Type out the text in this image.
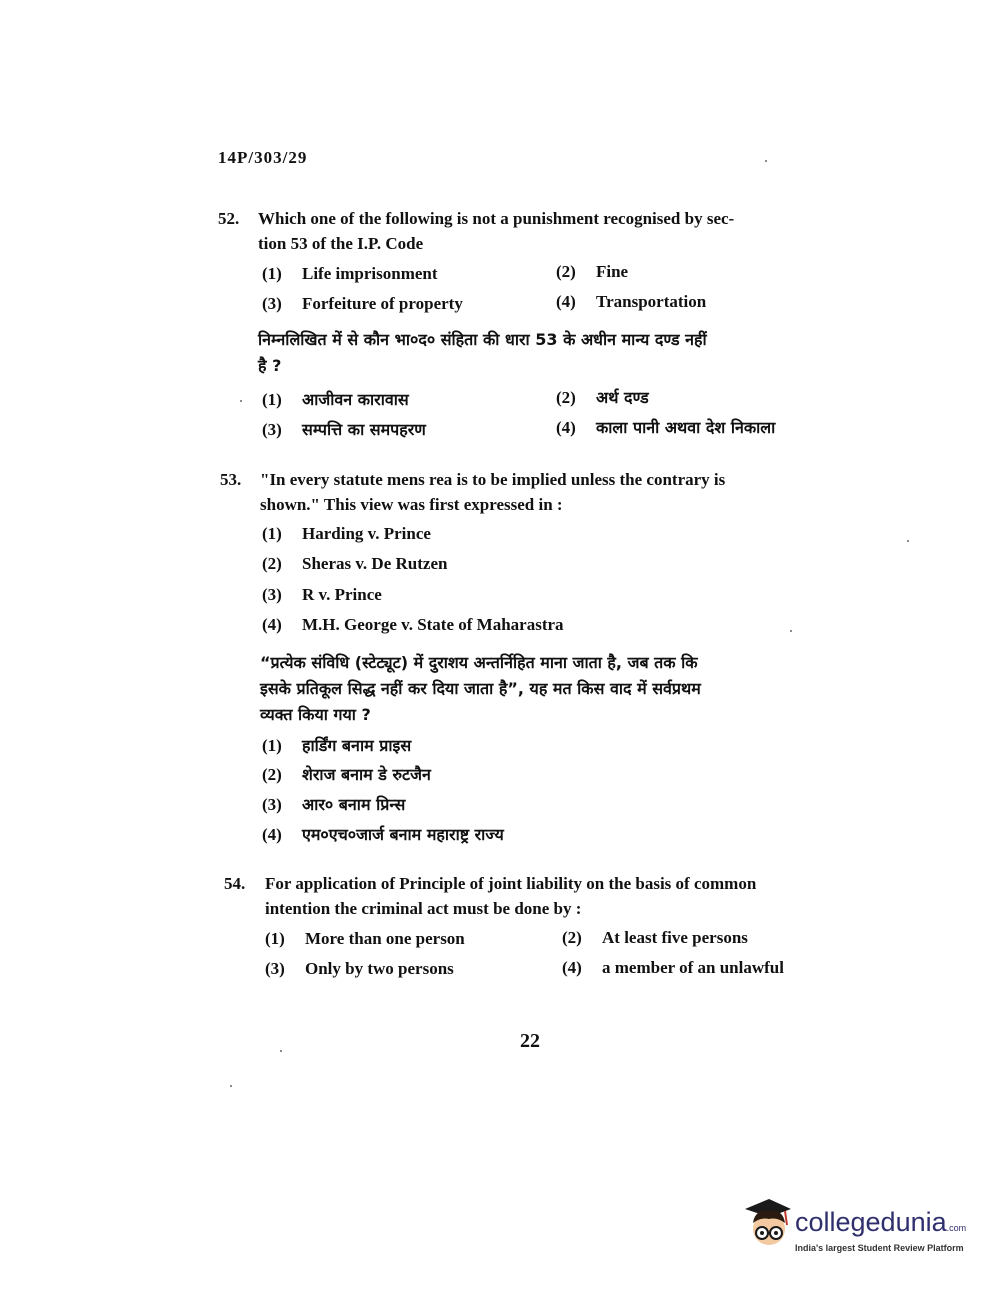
14P/303/29
52. Which one of the following is not a punishment recognised by sec-
tion 53 of the I.P. Code
(1) Life imprisonment	(2) Fine
(3) Forfeiture of property	(4) Transportation
निम्नलिखित में से कौन भा०द० संहिता की धारा 53 के अधीन मान्य दण्ड नहीं
है ?
(1) आजीवन कारावास	(2) अर्थ दण्ड
(3) सम्पत्ति का समपहरण	(4) काला पानी अथवा देश निकाला
53. "In every statute mens rea is to be implied unless the contrary is
shown." This view was first expressed in :
(1) Harding v. Prince
(2) Sheras v. De Rutzen
(3) R v. Prince
(4) M.H. George v. State of Maharastra
“प्रत्येक संविधि (स्टेट्यूट) में दुराशय अन्तर्निहित माना जाता है, जब तक कि
इसके प्रतिकूल सिद्ध नहीं कर दिया जाता है”, यह मत किस वाद में सर्वप्रथम
व्यक्त किया गया ?
(1) हार्डिंग बनाम प्राइस
(2) शेराज बनाम डे रुटजैन
(3) आर० बनाम प्रिन्स
(4) एम०एच०जार्ज बनाम महाराष्ट्र राज्य
54. For application of Principle of joint liability on the basis of common
intention the criminal act must be done by :
(1) More than one person	(2) At least five persons
(3) Only by two persons	(4) a member of an unlawful
22
collegedunia.com
India's largest Student Review Platform
